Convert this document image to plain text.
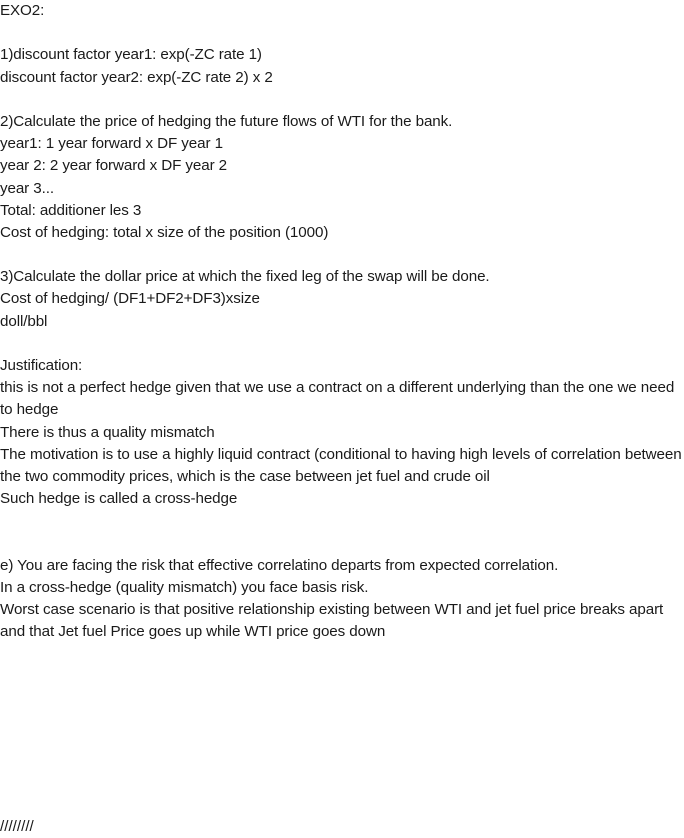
EXO2:
1)discount factor year1: exp(-ZC rate 1)
discount factor year2: exp(-ZC rate 2) x 2
2)Calculate the price of hedging the future flows of WTI for the bank.
year1: 1 year forward x DF year 1
year 2: 2 year forward x DF year 2
year 3...
Total: additioner les 3
Cost of hedging: total x size of the position (1000)
3)Calculate the dollar price at which the fixed leg of the swap will be done.
Cost of hedging/ (DF1+DF2+DF3)xsize
doll/bbl
Justification:
this is not a perfect hedge given that we use a contract on a different underlying than the one we need to hedge
There is thus a quality mismatch
The motivation is to use a highly liquid contract (conditional to having high levels of correlation between the two commodity prices, which is the case between jet fuel and crude oil
Such hedge is called a cross-hedge
e) You are facing the risk that effective correlatino departs from expected correlation.
In a cross-hedge (quality mismatch) you face basis risk.
Worst case scenario is that positive relationship existing between WTI and jet fuel price breaks apart and that Jet fuel Price goes up while WTI price goes down
////////
